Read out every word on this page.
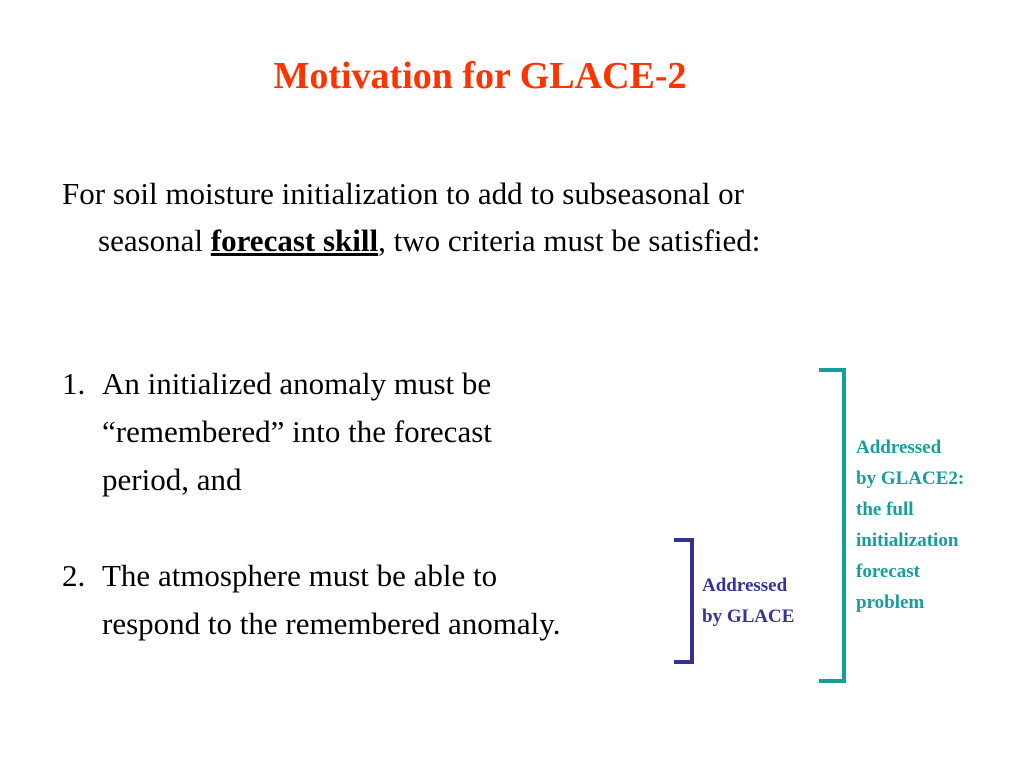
Motivation for GLACE-2
For soil moisture initialization to add to subseasonal or
seasonal forecast skill, two criteria must be satisfied:
1. An initialized anomaly must be
“remembered” into the forecast
period, and
2. The atmosphere must be able to
respond to the remembered anomaly.
Addressed
by GLACE2:
the full
initialization
forecast
problem
Addressed
by GLACE
